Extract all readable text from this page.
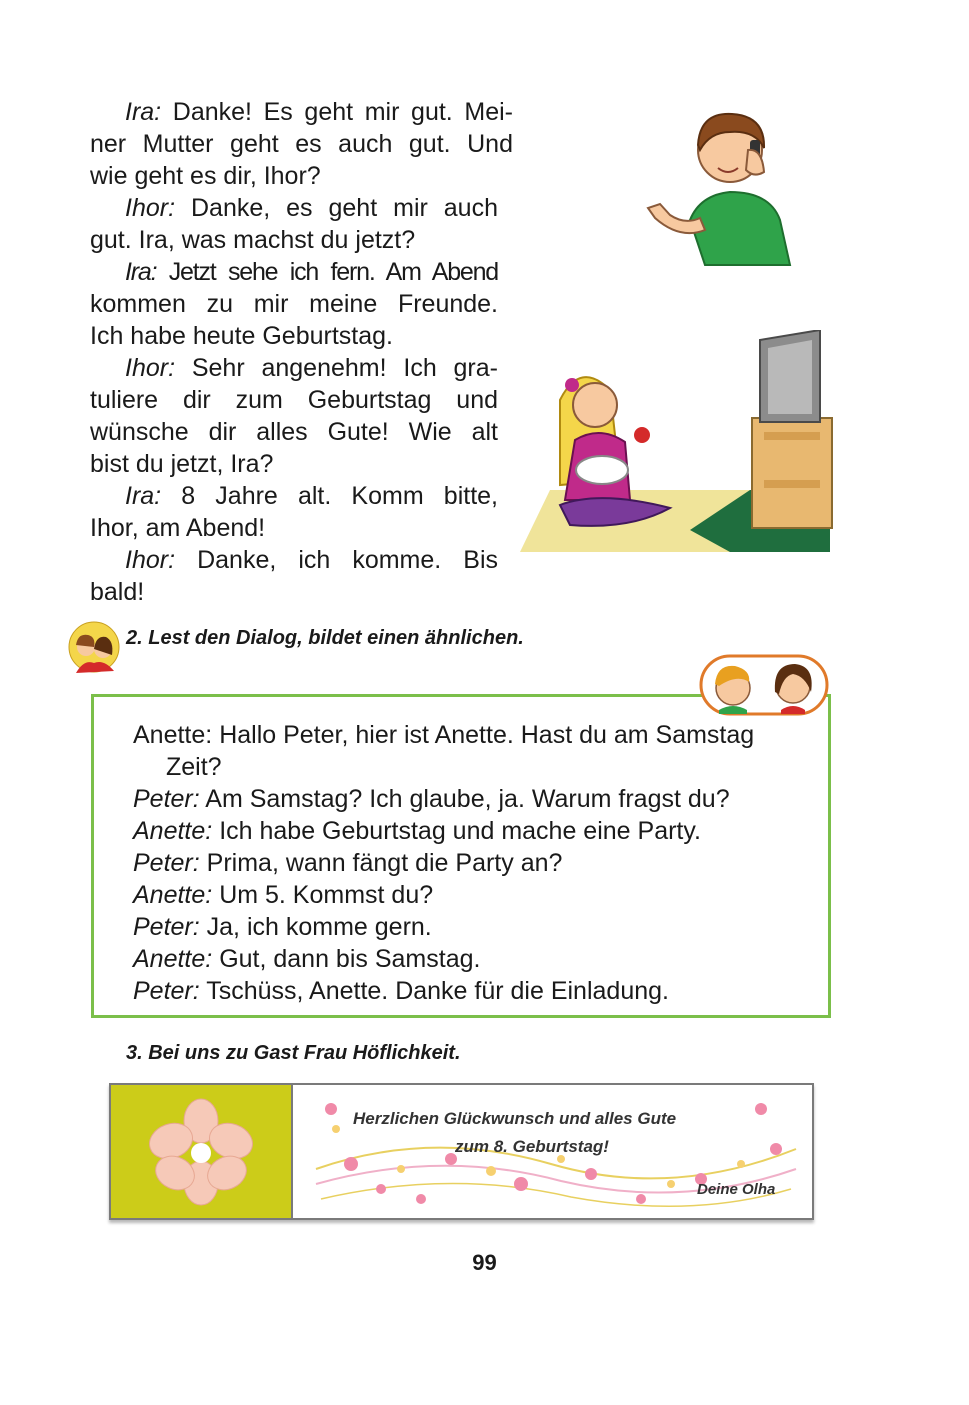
Ira: Danke! Es geht mir gut. Mei-
ner Mutter geht es auch gut. Und
wie geht es dir, Ihor?
Ihor: Danke, es geht mir auch
gut. Ira, was machst du jetzt?
Ira: Jetzt sehe ich fern. Am Abend
kommen zu mir meine Freunde.
Ich habe heute Geburtstag.
Ihor: Sehr angenehm! Ich gra-
tuliere dir zum Geburtstag und
wünsche dir alles Gute! Wie alt
bist du jetzt, Ira?
Ira: 8 Jahre alt. Komm bitte,
Ihor, am Abend!
Ihor: Danke, ich komme. Bis
bald!
2. Lest den Dialog, bildet einen ähnlichen.
Anette: Hallo Peter, hier ist Anette. Hast du am Samstag
Zeit?
Peter: Am Samstag? Ich glaube, ja. Warum fragst du?
Anette: Ich habe Geburtstag und mache eine Party.
Peter: Prima, wann fängt die Party an?
Anette: Um 5. Kommst du?
Peter: Ja, ich komme gern.
Anette: Gut, dann bis Samstag.
Peter: Tschüss, Anette. Danke für die Einladung.
3. Bei uns zu Gast Frau Höflichkeit.
Herzlichen Glückwunsch und alles Gute
zum 8. Geburtstag!
Deine Olha
99
